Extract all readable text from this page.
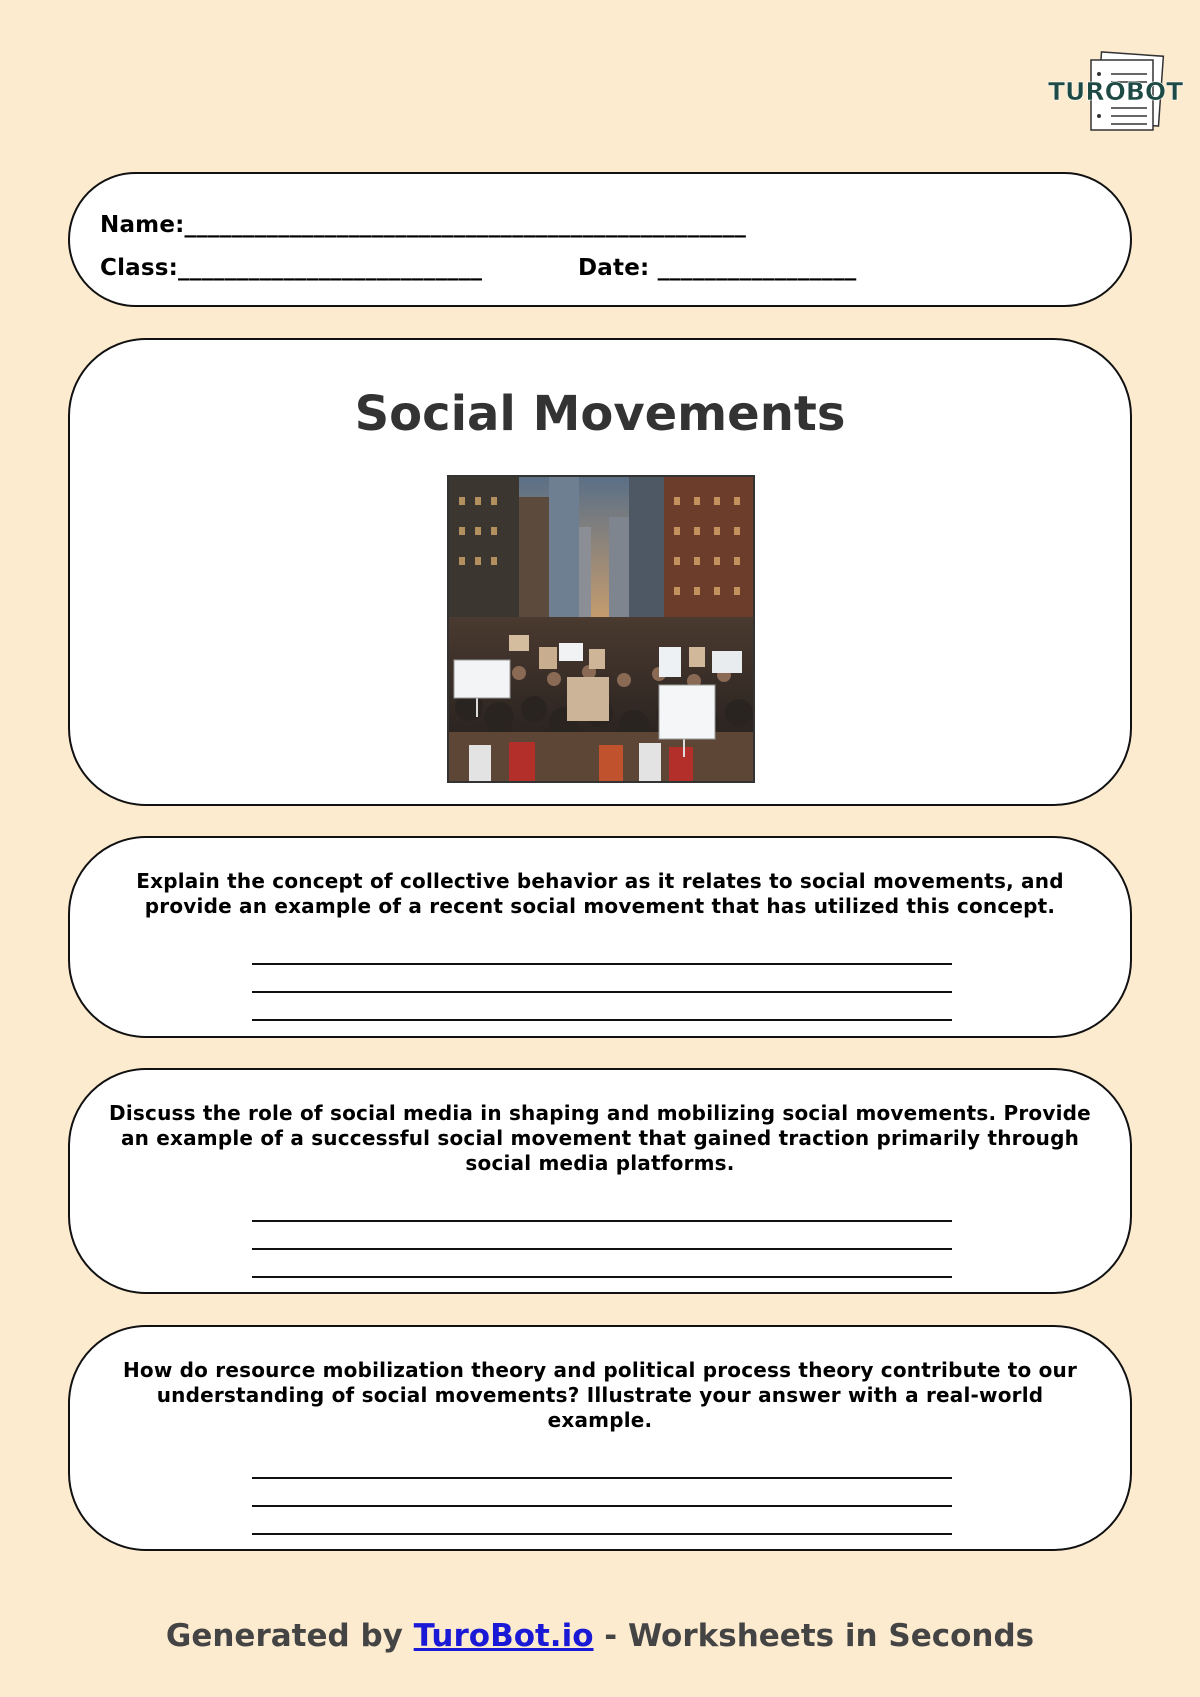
TUROBOT
Name:________________________________________________
Class:__________________________	Date: _________________
Social Movements
Explain the concept of collective behavior as it relates to social movements, and
provide an example of a recent social movement that has utilized this concept.
Discuss the role of social media in shaping and mobilizing social movements. Provide
an example of a successful social movement that gained traction primarily through
social media platforms.
How do resource mobilization theory and political process theory contribute to our
understanding of social movements? Illustrate your answer with a real-world
example.
Generated by TuroBot.io - Worksheets in Seconds
